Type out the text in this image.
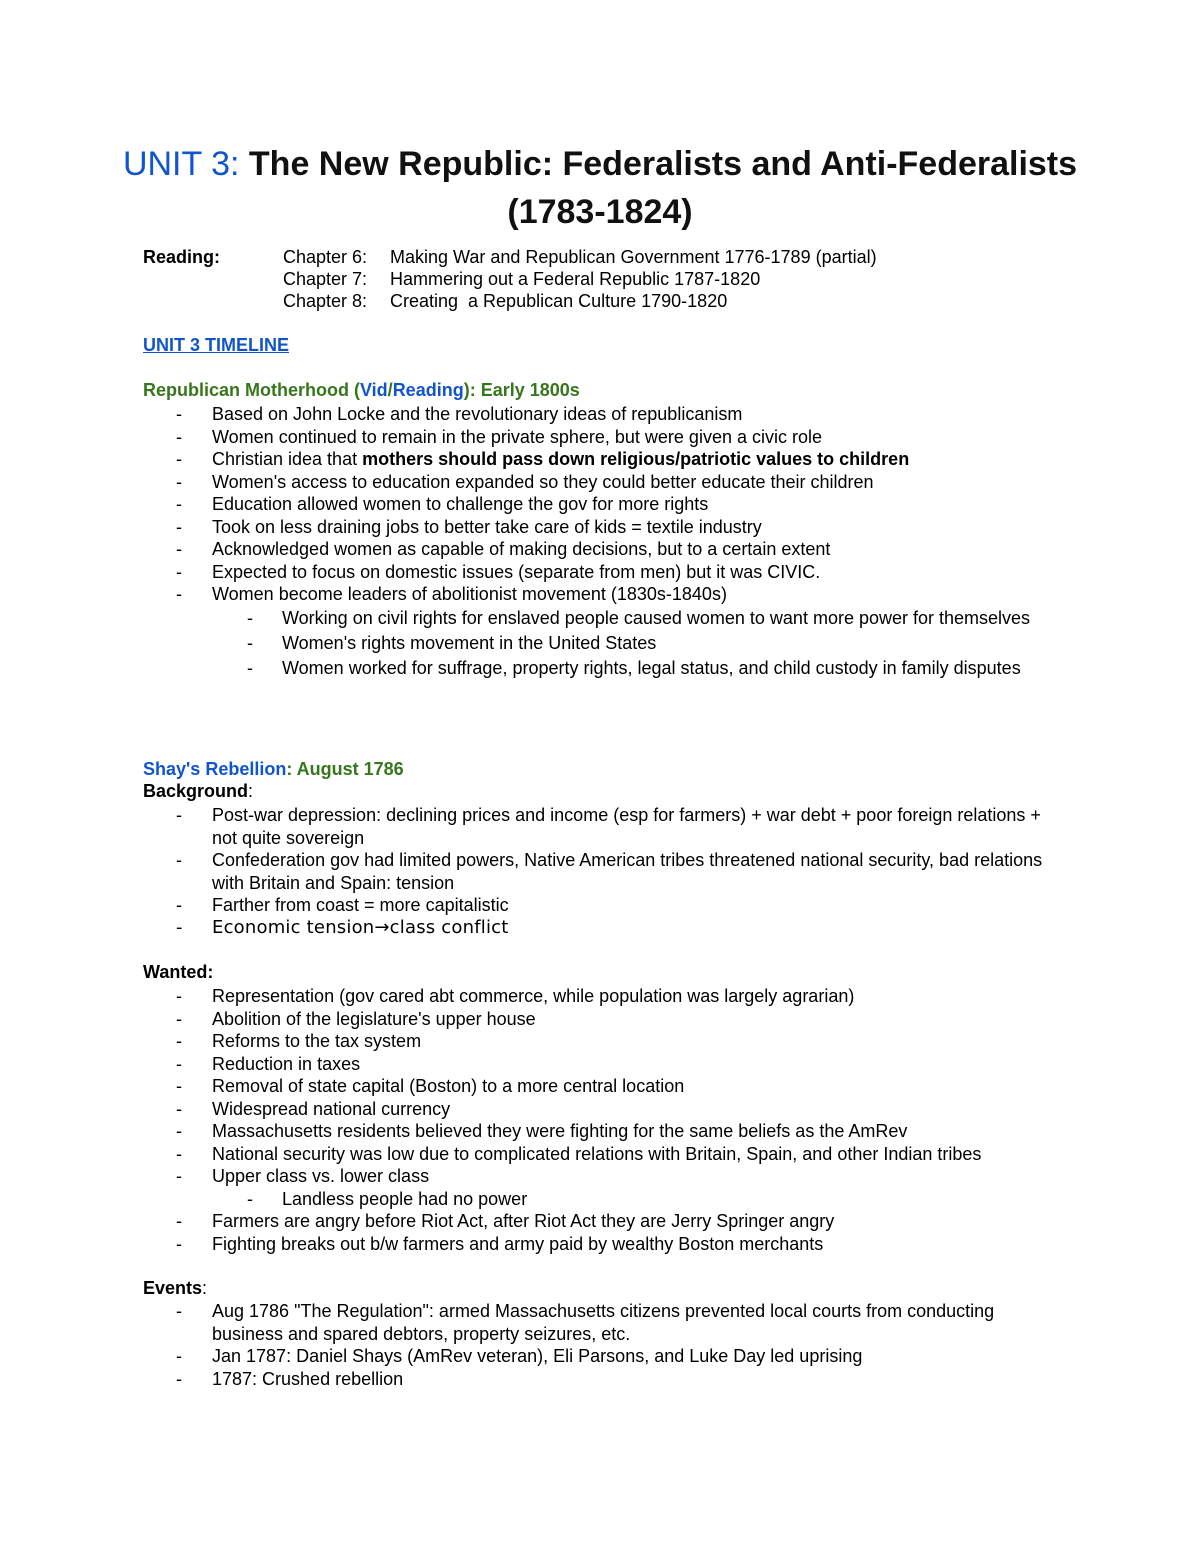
UNIT 3: The New Republic: Federalists and Anti-Federalists (1783-1824)
Reading:	Chapter 6: Making War and Republican Government 1776-1789 (partial)
Chapter 7: Hammering out a Federal Republic 1787-1820
Chapter 8: Creating  a Republican Culture 1790-1820
UNIT 3 TIMELINE
Republican Motherhood (Vid/Reading): Early 1800s
- Based on John Locke and the revolutionary ideas of republicanism
- Women continued to remain in the private sphere, but were given a civic role
- Christian idea that mothers should pass down religious/patriotic values to children
- Women's access to education expanded so they could better educate their children
- Education allowed women to challenge the gov for more rights
- Took on less draining jobs to better take care of kids = textile industry
- Acknowledged women as capable of making decisions, but to a certain extent
- Expected to focus on domestic issues (separate from men) but it was CIVIC.
- Women become leaders of abolitionist movement (1830s-1840s)
- Working on civil rights for enslaved people caused women to want more power for themselves
- Women's rights movement in the United States
- Women worked for suffrage, property rights, legal status, and child custody in family disputes
Shay's Rebellion: August 1786
Background:
- Post-war depression: declining prices and income (esp for farmers) + war debt + poor foreign relations + not quite sovereign
- Confederation gov had limited powers, Native American tribes threatened national security, bad relations with Britain and Spain: tension
- Farther from coast = more capitalistic
- Economic tension→class conflict
Wanted:
- Representation (gov cared abt commerce, while population was largely agrarian)
- Abolition of the legislature's upper house
- Reforms to the tax system
- Reduction in taxes
- Removal of state capital (Boston) to a more central location
- Widespread national currency
- Massachusetts residents believed they were fighting for the same beliefs as the AmRev
- National security was low due to complicated relations with Britain, Spain, and other Indian tribes
- Upper class vs. lower class
- Landless people had no power
- Farmers are angry before Riot Act, after Riot Act they are Jerry Springer angry
- Fighting breaks out b/w farmers and army paid by wealthy Boston merchants
Events:
- Aug 1786 "The Regulation": armed Massachusetts citizens prevented local courts from conducting business and spared debtors, property seizures, etc.
- Jan 1787: Daniel Shays (AmRev veteran), Eli Parsons, and Luke Day led uprising
- 1787: Crushed rebellion
